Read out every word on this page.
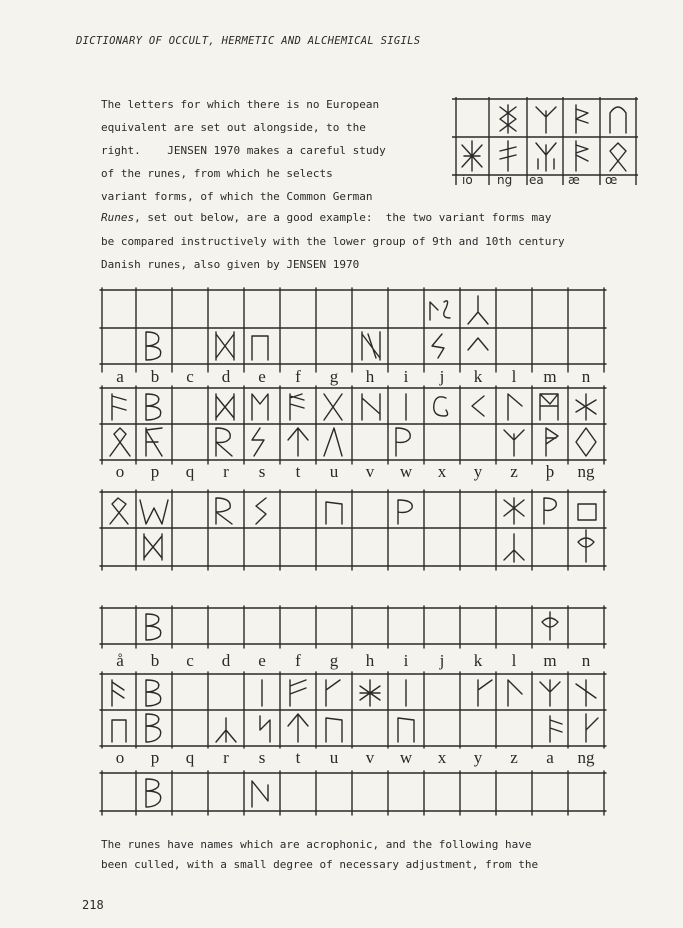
DICTIONARY OF OCCULT, HERMETIC AND ALCHEMICAL SIGILS
The letters for which there is no European
equivalent are set out alongside, to the
right.    JENSEN 1970 makes a careful study
of the runes, from which he selects
variant forms, of which the Common German
Runes, set out below, are a good example:  the two variant forms may
be compared instructively with the lower group of 9th and 10th century
Danish runes, also given by JENSEN 1970
io ng ëa æ œ
a	b	c	d	e	f	g	h	i	j	k	l	m	n
o	p	q	r	s	t	u	v	w	x	y	z	þ	ng
å	b	c	d	e	f	g	h	i	j	k	l	m	n
o	p	q	r	s	t	u	v	w	x	y	z	a	ng
The runes have names which are acrophonic, and the following have
been culled, with a small degree of necessary adjustment, from the
218
